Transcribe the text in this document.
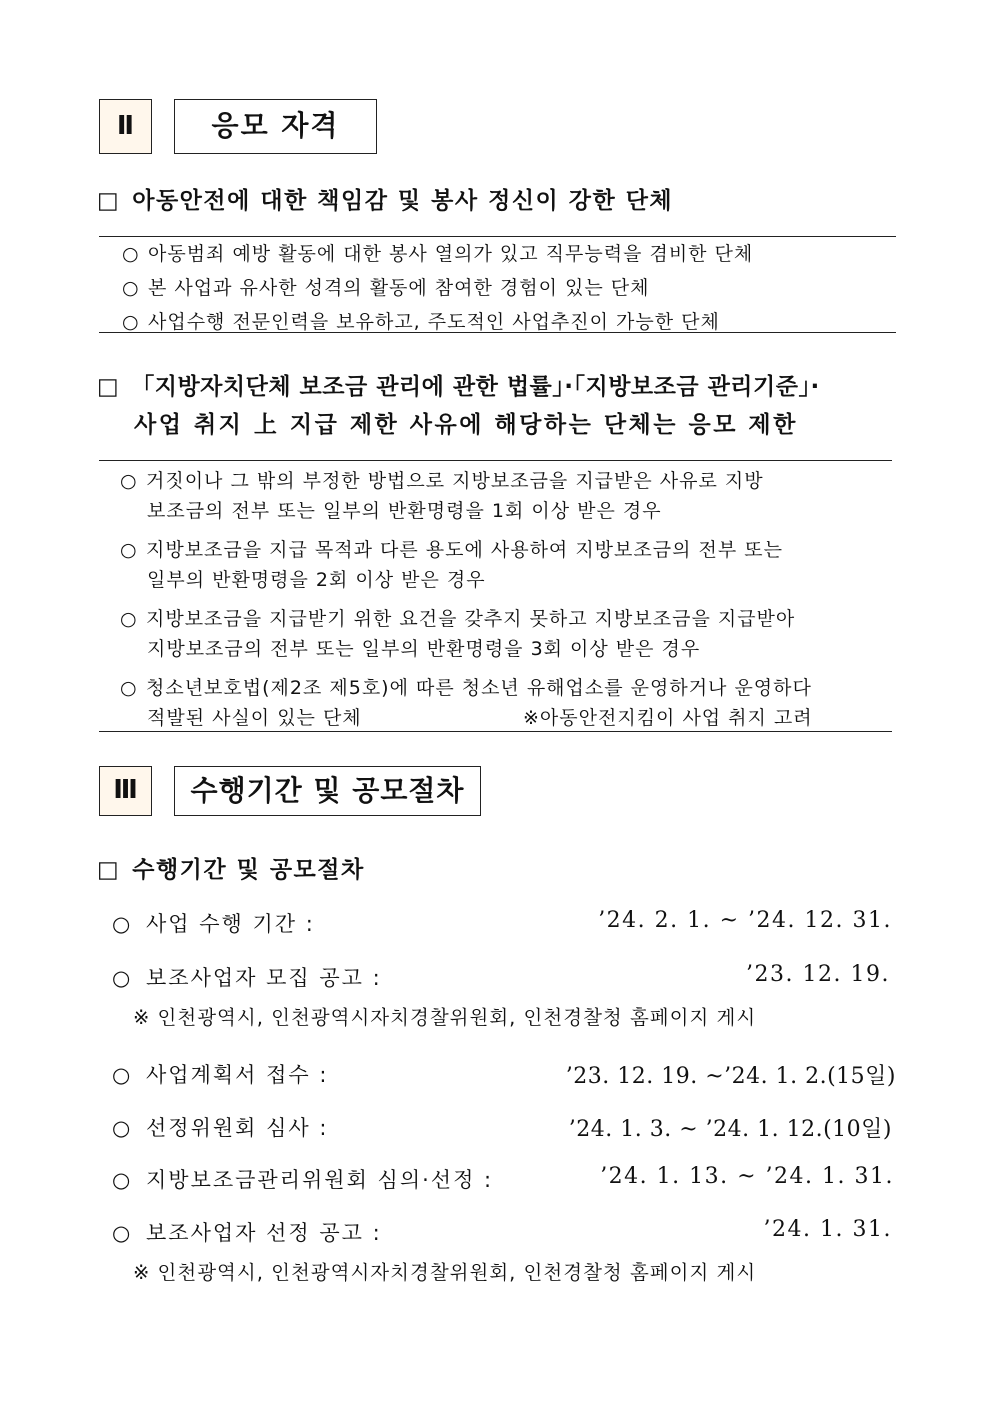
Ⅱ	응모 자격
□ 아동안전에 대한 책임감 및 봉사 정신이 강한 단체
○ 아동범죄 예방 활동에 대한 봉사 열의가 있고 직무능력을 겸비한 단체
○ 본 사업과 유사한 성격의 활동에 참여한 경험이 있는 단체
○ 사업수행 전문인력을 보유하고, 주도적인 사업추진이 가능한 단체
□ 「지방자치단체 보조금 관리에 관한 법률」·「지방보조금 관리기준」·
사업 취지 上 지급 제한 사유에 해당하는 단체는 응모 제한
○ 거짓이나 그 밖의 부정한 방법으로 지방보조금을 지급받은 사유로 지방
보조금의 전부 또는 일부의 반환명령을 1회 이상 받은 경우
○ 지방보조금을 지급 목적과 다른 용도에 사용하여 지방보조금의 전부 또는
일부의 반환명령을 2회 이상 받은 경우
○ 지방보조금을 지급받기 위한 요건을 갖추지 못하고 지방보조금을 지급받아
지방보조금의 전부 또는 일부의 반환명령을 3회 이상 받은 경우
○ 청소년보호법(제2조 제5호)에 따른 청소년 유해업소를 운영하거나 운영하다
적발된 사실이 있는 단체	※아동안전지킴이 사업 취지 고려
Ⅲ	수행기간 및 공모절차
□ 수행기간 및 공모절차
○ 사업 수행 기간 :	’24. 2. 1. ~ ’24. 12. 31.
○ 보조사업자 모집 공고 :	’23. 12. 19.
※ 인천광역시, 인천광역시자치경찰위원회, 인천경찰청 홈페이지 게시
○ 사업계획서 접수 :	’23. 12. 19. ~’24. 1. 2.(15일)
○ 선정위원회 심사 :	’24. 1. 3. ~ ’24. 1. 12.(10일)
○ 지방보조금관리위원회 심의·선정 :	’24. 1. 13. ~ ’24. 1. 31.
○ 보조사업자 선정 공고 :	’24. 1. 31.
※ 인천광역시, 인천광역시자치경찰위원회, 인천경찰청 홈페이지 게시
